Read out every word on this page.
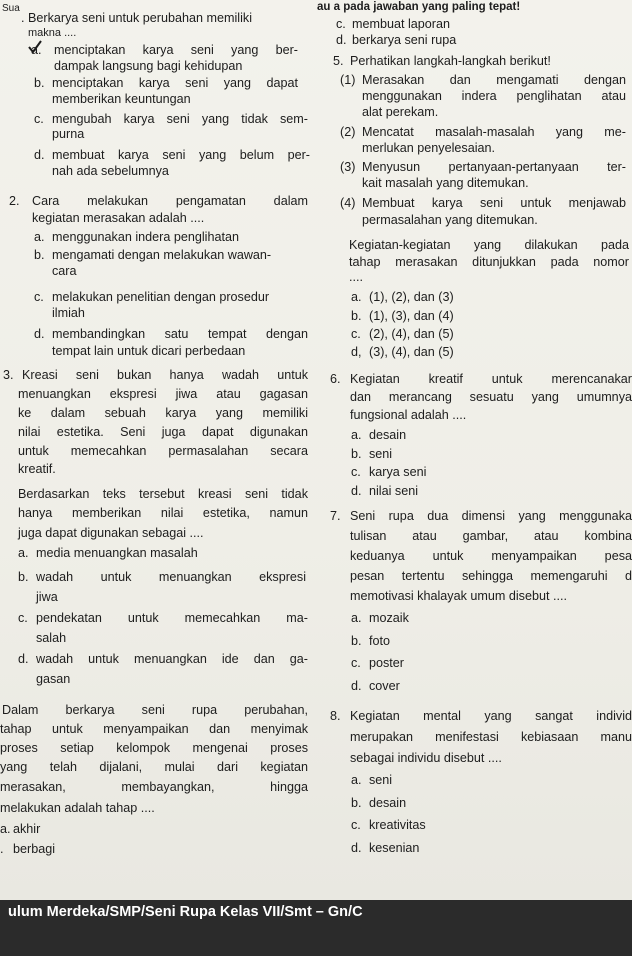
Sua	au a pada jawaban yang paling tepat!
. Berkarya seni untuk perubahan memiliki
makna ....
a. menciptakan karya seni yang ber-
dampak langsung bagi kehidupan
b. menciptakan karya seni yang dapat
memberikan keuntungan
c. mengubah karya seni yang tidak sem-
purna
d. membuat karya seni yang belum per-
nah ada sebelumnya
2. Cara melakukan pengamatan dalam
kegiatan merasakan adalah ....
a. menggunakan indera penglihatan
b. mengamati dengan melakukan wawan-
cara
c. melakukan penelitian dengan prosedur
ilmiah
d. membandingkan satu tempat dengan
tempat lain untuk dicari perbedaan
3. Kreasi seni bukan hanya wadah untuk
menuangkan ekspresi jiwa atau gagasan
ke dalam sebuah karya yang memiliki
nilai estetika. Seni juga dapat digunakan
untuk memecahkan permasalahan secara
kreatif.
Berdasarkan teks tersebut kreasi seni tidak
hanya memberikan nilai estetika, namun
juga dapat digunakan sebagai ....
a. media menuangkan masalah
b. wadah untuk menuangkan ekspresi
jiwa
c. pendekatan untuk memecahkan ma-
salah
d. wadah untuk menuangkan ide dan ga-
gasan
Dalam berkarya seni rupa perubahan,
tahap untuk menyampaikan dan menyimak
proses setiap kelompok mengenai proses
yang telah dijalani, mulai dari kegiatan
merasakan, membayangkan, hingga
melakukan adalah tahap ....
a. akhir
. berbagi
c. membuat laporan
d. berkarya seni rupa
5. Perhatikan langkah-langkah berikut!
(1) Merasakan dan mengamati dengan
menggunakan indera penglihatan atau
alat perekam.
(2) Mencatat masalah-masalah yang me-
merlukan penyelesaian.
(3) Menyusun pertanyaan-pertanyaan ter-
kait masalah yang ditemukan.
(4) Membuat karya seni untuk menjawab
permasalahan yang ditemukan.
Kegiatan-kegiatan yang dilakukan pada
tahap merasakan ditunjukkan pada nomor
....
a. (1), (2), dan (3)
b. (1), (3), dan (4)
c. (2), (4), dan (5)
d, (3), (4), dan (5)
6. Kegiatan kreatif untuk merencanakar
dan merancang sesuatu yang umumnya
fungsional adalah ....
a. desain
b. seni
c. karya seni
d. nilai seni
7. Seni rupa dua dimensi yang menggunaka
tulisan atau gambar, atau kombina
keduanya untuk menyampaikan pesa
pesan tertentu sehingga memengaruhi d
memotivasi khalayak umum disebut ....
a. mozaik
b. foto
c. poster
d. cover
8. Kegiatan mental yang sangat individ
merupakan menifestasi kebiasaan manu
sebagai individu disebut ....
a. seni
b. desain
c. kreativitas
d. kesenian
ulum Merdeka/SMP/Seni Rupa Kelas VII/Smt – Gn/C
